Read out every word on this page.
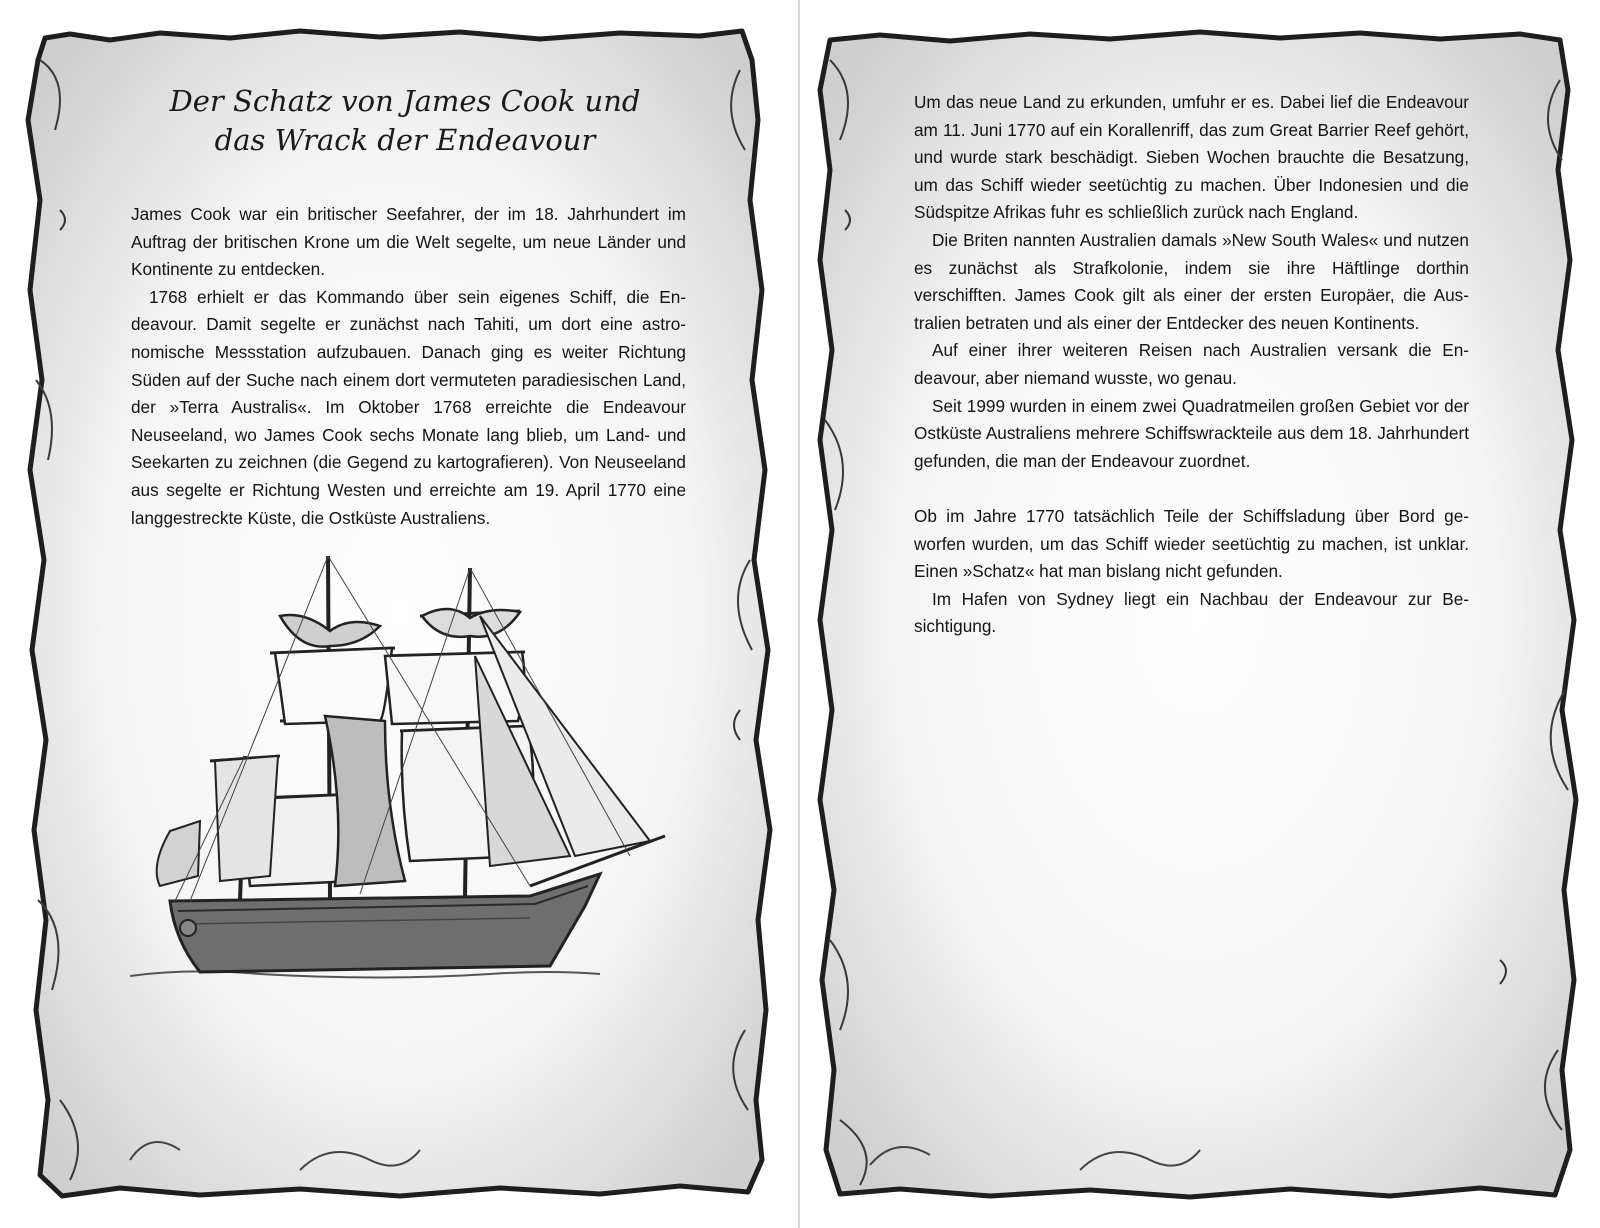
Der Schatz von James Cook und
das Wrack der Endeavour

James Cook war ein britischer Seefahrer, der im 18. Jahrhundert im Auftrag der britischen Krone um die Welt segelte, um neue Länder und Kontinente zu entdecken.

1768 erhielt er das Kommando über sein eigenes Schiff, die Endeavour. Damit segelte er zunächst nach Tahiti, um dort eine astronomische Messstation aufzubauen. Danach ging es weiter Richtung Süden auf der Suche nach einem dort vermuteten paradiesischen Land, der »Terra Australis«. Im Oktober 1768 erreichte die Endeavour Neuseeland, wo James Cook sechs Monate lang blieb, um Land- und Seekarten zu zeichnen (die Gegend zu kartografieren). Von Neuseeland aus segelte er Richtung Westen und erreichte am 19. April 1770 eine langgestreckte Küste, die Ostküste Australiens.

Um das neue Land zu erkunden, umfuhr er es. Dabei lief die Endeavour am 11. Juni 1770 auf ein Korallenriff, das zum Great Barrier Reef gehört, und wurde stark beschädigt. Sieben Wochen brauchte die Besatzung, um das Schiff wieder seetüchtig zu machen. Über Indonesien und die Südspitze Afrikas fuhr es schließlich zurück nach England.

Die Briten nannten Australien damals »New South Wales« und nutzen es zunächst als Strafkolonie, indem sie ihre Häftlinge dorthin verschifften. James Cook gilt als einer der ersten Europäer, die Australien betraten und als einer der Entdecker des neuen Kontinents.

Auf einer ihrer weiteren Reisen nach Australien versank die Endeavour, aber niemand wusste, wo genau.

Seit 1999 wurden in einem zwei Quadratmeilen großen Gebiet vor der Ostküste Australiens mehrere Schiffswrackteile aus dem 18. Jahrhundert gefunden, die man der Endeavour zuordnet.

Ob im Jahre 1770 tatsächlich Teile der Schiffsladung über Bord geworfen wurden, um das Schiff wieder seetüchtig zu machen, ist unklar. Einen »Schatz« hat man bislang nicht gefunden.

Im Hafen von Sydney liegt ein Nachbau der Endeavour zur Besichtigung.
